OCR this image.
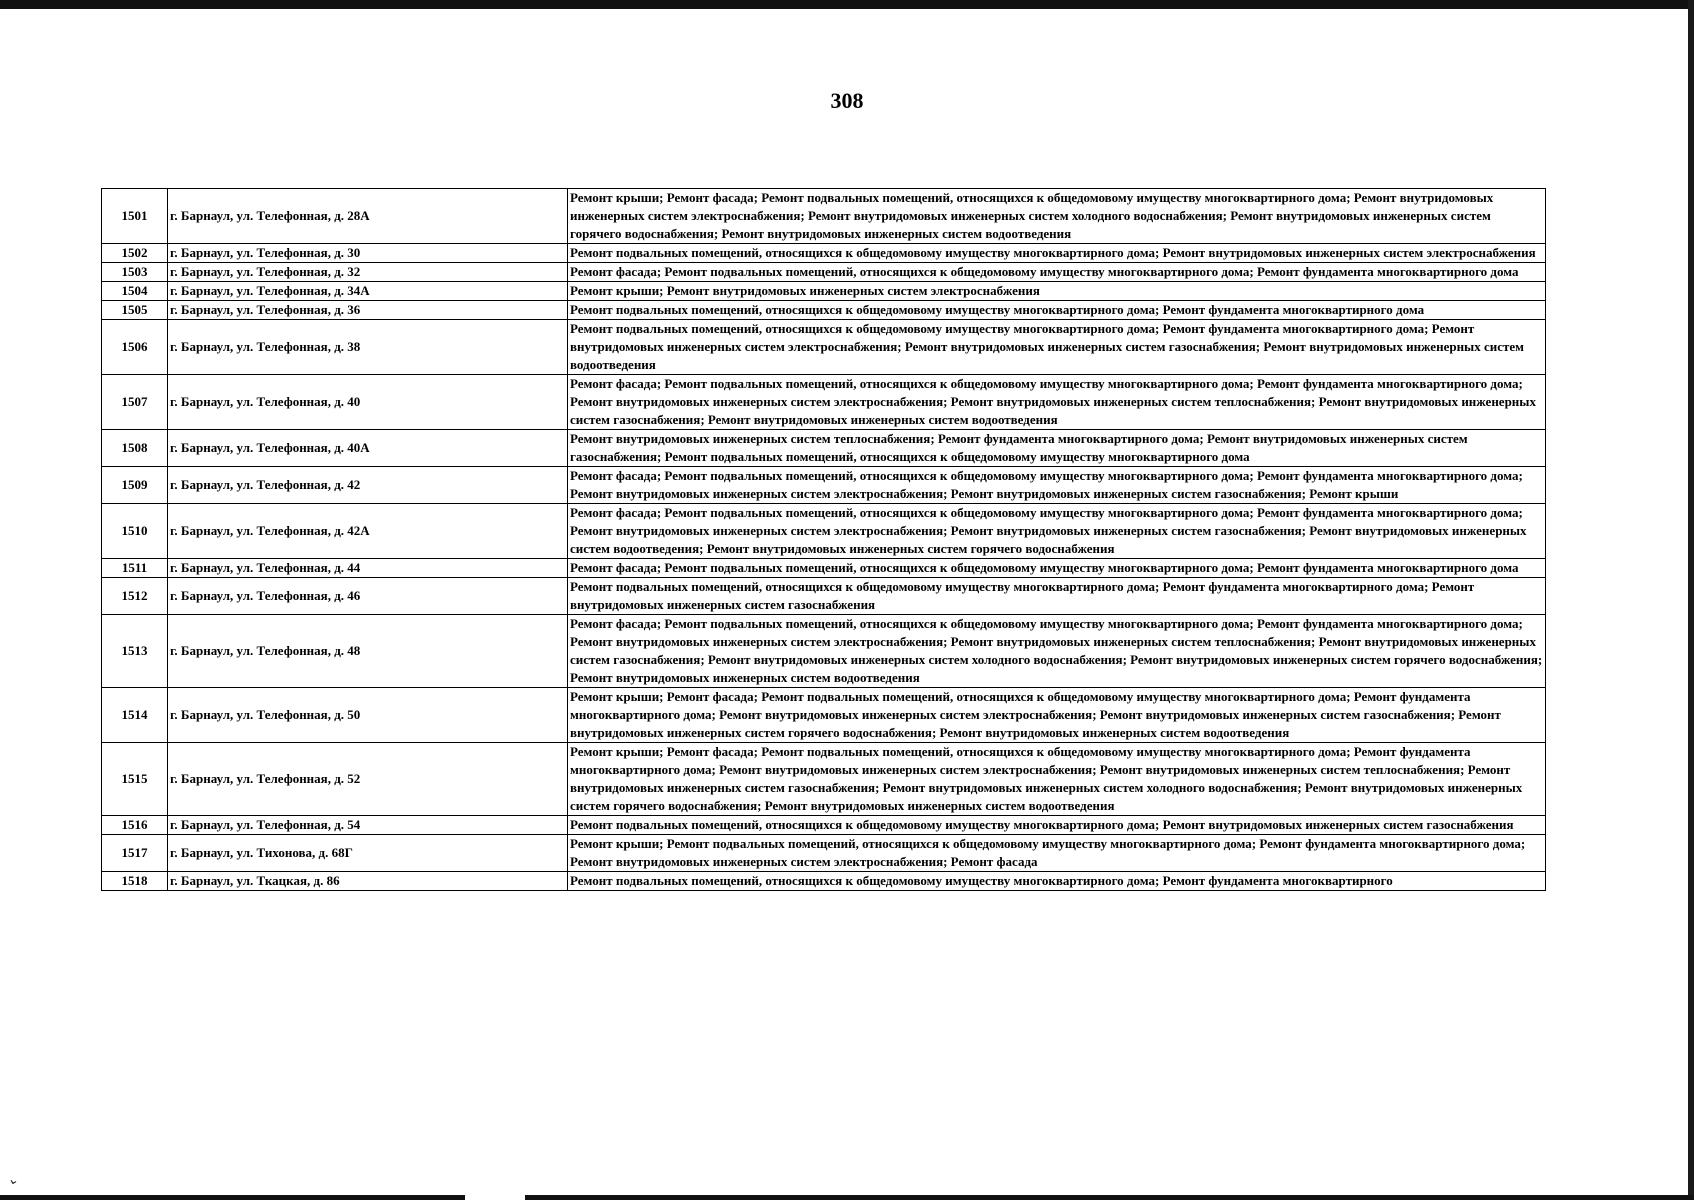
⌄
308
1501	г. Барнаул, ул. Телефонная, д. 28А	Ремонт крыши; Ремонт фасада; Ремонт подвальных помещений, относящихся к общедомовому имуществу многоквартирного дома; Ремонт внутридомовых инженерных систем электроснабжения; Ремонт внутридомовых инженерных систем холодного водоснабжения; Ремонт внутридомовых инженерных систем горячего водоснабжения; Ремонт внутридомовых инженерных систем водоотведения
1502	г. Барнаул, ул. Телефонная, д. 30	Ремонт подвальных помещений, относящихся к общедомовому имуществу многоквартирного дома; Ремонт внутридомовых инженерных систем электроснабжения
1503	г. Барнаул, ул. Телефонная, д. 32	Ремонт фасада; Ремонт подвальных помещений, относящихся к общедомовому имуществу многоквартирного дома; Ремонт фундамента многоквартирного дома
1504	г. Барнаул, ул. Телефонная, д. 34А	Ремонт крыши; Ремонт внутридомовых инженерных систем электроснабжения
1505	г. Барнаул, ул. Телефонная, д. 36	Ремонт подвальных помещений, относящихся к общедомовому имуществу многоквартирного дома; Ремонт фундамента многоквартирного дома
1506	г. Барнаул, ул. Телефонная, д. 38	Ремонт подвальных помещений, относящихся к общедомовому имуществу многоквартирного дома; Ремонт фундамента многоквартирного дома; Ремонт внутридомовых инженерных систем электроснабжения; Ремонт внутридомовых инженерных систем газоснабжения; Ремонт внутридомовых инженерных систем водоотведения
1507	г. Барнаул, ул. Телефонная, д. 40	Ремонт фасада; Ремонт подвальных помещений, относящихся к общедомовому имуществу многоквартирного дома; Ремонт фундамента многоквартирного дома; Ремонт внутридомовых инженерных систем электроснабжения; Ремонт внутридомовых инженерных систем теплоснабжения; Ремонт внутридомовых инженерных систем газоснабжения; Ремонт внутридомовых инженерных систем водоотведения
1508	г. Барнаул, ул. Телефонная, д. 40А	Ремонт внутридомовых инженерных систем теплоснабжения; Ремонт фундамента многоквартирного дома; Ремонт внутридомовых инженерных систем газоснабжения; Ремонт подвальных помещений, относящихся к общедомовому имуществу многоквартирного дома
1509	г. Барнаул, ул. Телефонная, д. 42	Ремонт фасада; Ремонт подвальных помещений, относящихся к общедомовому имуществу многоквартирного дома; Ремонт фундамента многоквартирного дома; Ремонт внутридомовых инженерных систем электроснабжения; Ремонт внутридомовых инженерных систем газоснабжения; Ремонт крыши
1510	г. Барнаул, ул. Телефонная, д. 42А	Ремонт фасада; Ремонт подвальных помещений, относящихся к общедомовому имуществу многоквартирного дома; Ремонт фундамента многоквартирного дома; Ремонт внутридомовых инженерных систем электроснабжения; Ремонт внутридомовых инженерных систем газоснабжения; Ремонт внутридомовых инженерных систем водоотведения; Ремонт внутридомовых инженерных систем горячего водоснабжения
1511	г. Барнаул, ул. Телефонная, д. 44	Ремонт фасада; Ремонт подвальных помещений, относящихся к общедомовому имуществу многоквартирного дома; Ремонт фундамента многоквартирного дома
1512	г. Барнаул, ул. Телефонная, д. 46	Ремонт подвальных помещений, относящихся к общедомовому имуществу многоквартирного дома; Ремонт фундамента многоквартирного дома; Ремонт внутридомовых инженерных систем газоснабжения
1513	г. Барнаул, ул. Телефонная, д. 48	Ремонт фасада; Ремонт подвальных помещений, относящихся к общедомовому имуществу многоквартирного дома; Ремонт фундамента многоквартирного дома; Ремонт внутридомовых инженерных систем электроснабжения; Ремонт внутридомовых инженерных систем теплоснабжения; Ремонт внутридомовых инженерных систем газоснабжения; Ремонт внутридомовых инженерных систем холодного водоснабжения; Ремонт внутридомовых инженерных систем горячего водоснабжения; Ремонт внутридомовых инженерных систем водоотведения
1514	г. Барнаул, ул. Телефонная, д. 50	Ремонт крыши; Ремонт фасада; Ремонт подвальных помещений, относящихся к общедомовому имуществу многоквартирного дома; Ремонт фундамента многоквартирного дома; Ремонт внутридомовых инженерных систем электроснабжения; Ремонт внутридомовых инженерных систем газоснабжения; Ремонт внутридомовых инженерных систем горячего водоснабжения; Ремонт внутридомовых инженерных систем водоотведения
1515	г. Барнаул, ул. Телефонная, д. 52	Ремонт крыши; Ремонт фасада; Ремонт подвальных помещений, относящихся к общедомовому имуществу многоквартирного дома; Ремонт фундамента многоквартирного дома; Ремонт внутридомовых инженерных систем электроснабжения; Ремонт внутридомовых инженерных систем теплоснабжения; Ремонт внутридомовых инженерных систем газоснабжения; Ремонт внутридомовых инженерных систем холодного водоснабжения; Ремонт внутридомовых инженерных систем горячего водоснабжения; Ремонт внутридомовых инженерных систем водоотведения
1516	г. Барнаул, ул. Телефонная, д. 54	Ремонт подвальных помещений, относящихся к общедомовому имуществу многоквартирного дома; Ремонт внутридомовых инженерных систем газоснабжения
1517	г. Барнаул, ул. Тихонова, д. 68Г	Ремонт крыши; Ремонт подвальных помещений, относящихся к общедомовому имуществу многоквартирного дома; Ремонт фундамента многоквартирного дома; Ремонт внутридомовых инженерных систем электроснабжения; Ремонт фасада
1518	г. Барнаул, ул. Ткацкая, д. 86	Ремонт подвальных помещений, относящихся к общедомовому имуществу многоквартирного дома; Ремонт фундамента многоквартирного
